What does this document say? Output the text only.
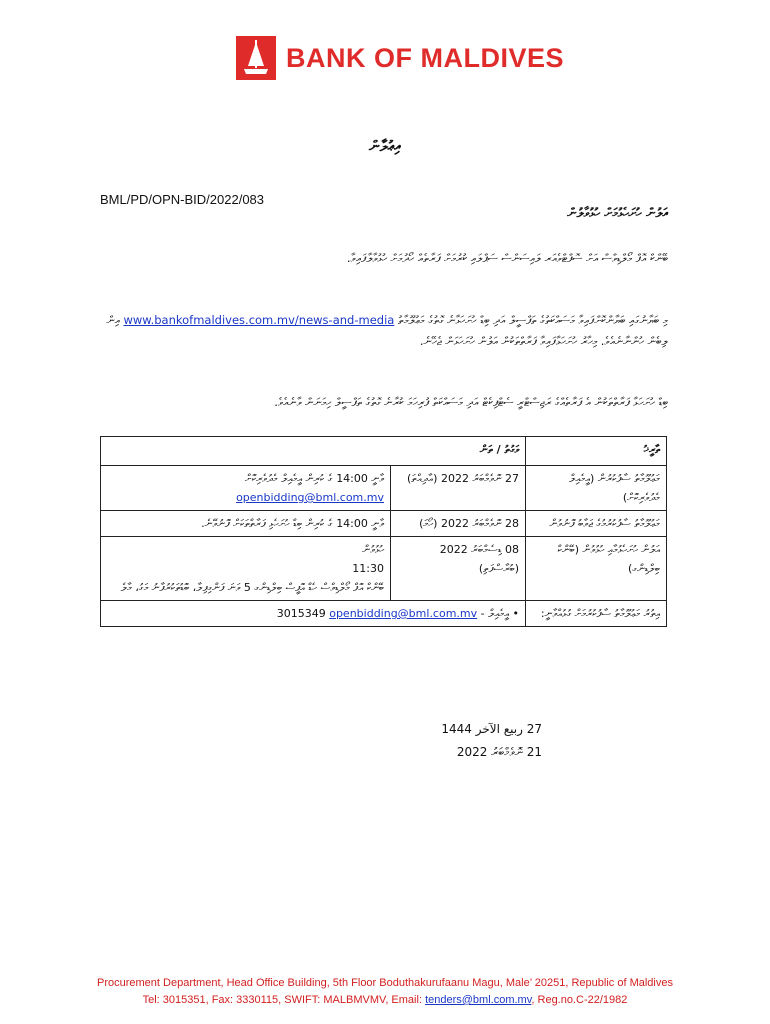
BANK OF MALDIVES
އިޢުލާން
BML/PD/OPN-BID/2022/083
އަލުން ހުށަހެޅުމަށް ހުޅުވާލުން
ބޭންކް އޮފް މޯލްޑިވްސް އަށް ސޮފްޓްވެއަރ ލައިސަންސް ސަޕްލައި ކުރުމަށް ފަރާތެއް ހޯދުމަށް ހުޅުވާލާފައިވާ.
މި ބަޔާނުގައި ބަޔާންކޮށްފައިވާ މަސައްކަތުގެ ތަފްސީލް އަދި ބިޑް ހުށަހަޅާނެ ގޮތުގެ މަޢުލޫމާތު www.bankofmaldives.com.mv/news-and-media އިން ލިބެން ހުންނާނެއެވެ. މިހާރު ހުށަހަޅާފައިވާ ފަރާތްތަކުން އަލުން ހުށަހަޅަން ޖެހޭނެ.
ބިޑް ހުށަހަޅާ ފަރާތްތަކުން އެ ފަރާތެއްގެ ރަޖިސްޓްރީ ސެޓްފިކެޓް އަދި މަސައްކަތް ފުރިހަމަ ކުރާނެ ގޮތުގެ ތަފްސީލް ހިމަނަން ވާނެއެވެ.
ތާރީޚު	ވަގުތު / ތަން	
މަޢުލޫމާތު ސާފުކުރުން (އީމެއިލް މެދުވެރިކޮށް)	27 ނޮވެމްބަރު 2022 (އާދިއްތަ)	ވާނީ 14:00 ގެ ކުރިން އީމެއިލް މެދުވެރިކޮށް
openbidding@bml.com.mv
މަޢުލޫމާތު ސާފުކުރުމުގެ ޖަވާބު ފޮނުވުން	28 ނޮވެމްބަރު 2022 (ހޯމަ)	ވާނީ 14:00 ގެ ކުރިން ބިޑް ހުށަހެޅި ފަރާތްތަކަށް ފޮނުވޭނެ.
އަލުން ހުށަހެޅުމާއި ހުޅުވުން (ބޭންކް ބިލްޑިންގ)	08 ޑިސެމްބަރު 2022 (ބުރާސްފަތި)	ހުޅުވުން
11:30
ބޭންކް އޮފް މޯލްޑިވްސް ހެޑް އޮފީސް ބިލްޑިންގ 5 ވަނަ ފަންގިފިލާ، ބޮޑުތަކުރުފާނު މަގު، މާލެ

އިތުރު މަޢުލޫމާތު ސާފުކުރުމަށް ގުޅުއްވާނީ:	• އީމެއިލް - openbidding@bml.com.mv 3015349	
27 ربيع الآخر 1444
21 ނޮވެމްބަރު 2022
Procurement Department, Head Office Building, 5th Floor Boduthakurufaanu Magu, Male’ 20251, Republic of Maldives
Tel: 3015351, Fax: 3330115, SWIFT: MALBMVMV, Email: tenders@bml.com.mv, Reg.no.C-22/1982
